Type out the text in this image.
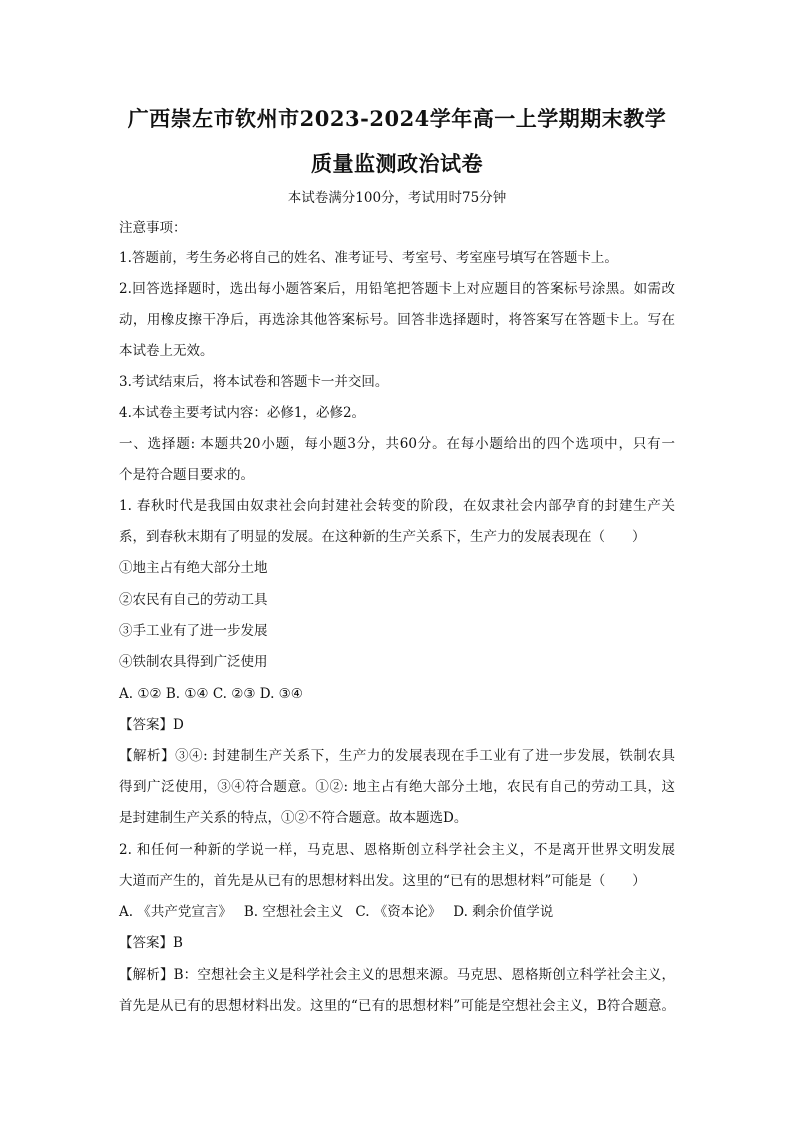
广西崇左市钦州市2023-2024学年高一上学期期末教学
质量监测政治试卷
本试卷满分100分，考试用时75分钟
注意事项：
1.答题前，考生务必将自己的姓名、准考证号、考室号、考室座号填写在答题卡上。
2.回答选择题时，选出每小题答案后，用铅笔把答题卡上对应题目的答案标号涂黑。如需改
动，用橡皮擦干净后，再选涂其他答案标号。回答非选择题时，将答案写在答题卡上。写在
本试卷上无效。
3.考试结束后，将本试卷和答题卡一并交回。
4.本试卷主要考试内容：必修1，必修2。
一、选择题: 本题共20小题，每小题3分，共60分。在每小题给出的四个选项中，只有一
个是符合题目要求的。
1. 春秋时代是我国由奴隶社会向封建社会转变的阶段，在奴隶社会内部孕育的封建生产关
系，到春秋末期有了明显的发展。在这种新的生产关系下，生产力的发展表现在（　　）
①地主占有绝大部分土地
②农民有自己的劳动工具
③手工业有了进一步发展
④铁制农具得到广泛使用
A. ①② B. ①④ C. ②③ D. ③④
【答案】D
【解析】③④: 封建制生产关系下，生产力的发展表现在手工业有了进一步发展，铁制农具
得到广泛使用，③④符合题意。①②: 地主占有绝大部分土地，农民有自己的劳动工具，这
是封建制生产关系的特点，①②不符合题意。故本题选D。
2. 和任何一种新的学说一样，马克思、恩格斯创立科学社会主义，不是离开世界文明发展
大道而产生的，首先是从已有的思想材料出发。这里的“已有的思想材料”可能是（　　）
A. 《共产党宣言》 B. 空想社会主义 C. 《资本论》 D. 剩余价值学说
【答案】B
【解析】B：空想社会主义是科学社会主义的思想来源。马克思、恩格斯创立科学社会主义，
首先是从已有的思想材料出发。这里的“已有的思想材料”可能是空想社会主义，B符合题意。
